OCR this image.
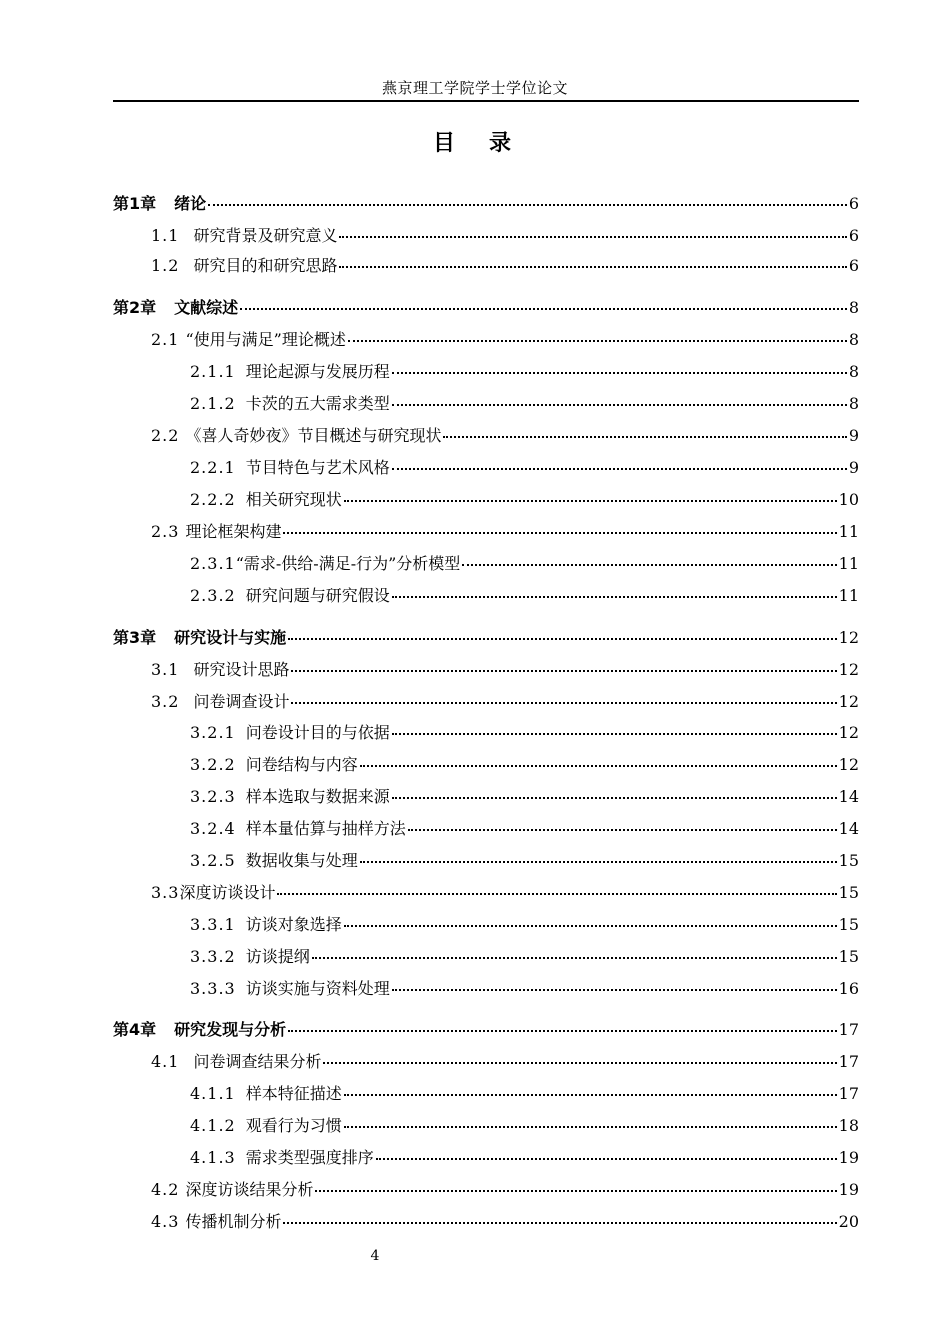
燕京理工学院学士学位论文
目　录
第1章 绪论	6
1.1 研究背景及研究意义	6
1.2 研究目的和研究思路	6
第2章 文献综述	8
2.1 “使用与满足”理论概述	8
2.1.1 理论起源与发展历程	8
2.1.2 卡茨的五大需求类型	8
2.2 《喜人奇妙夜》节目概述与研究现状	9
2.2.1 节目特色与艺术风格	9
2.2.2 相关研究现状	10
2.3 理论框架构建	11
2.3.1 “需求-供给-满足-行为”分析模型	11
2.3.2 研究问题与研究假设	11
第3章 研究设计与实施	12
3.1 研究设计思路	12
3.2 问卷调查设计	12
3.2.1 问卷设计目的与依据	12
3.2.2 问卷结构与内容	12
3.2.3 样本选取与数据来源	14
3.2.4 样本量估算与抽样方法	14
3.2.5 数据收集与处理	15
3.3 深度访谈设计	15
3.3.1 访谈对象选择	15
3.3.2 访谈提纲	15
3.3.3 访谈实施与资料处理	16
第4章 研究发现与分析	17
4.1 问卷调查结果分析	17
4.1.1 样本特征描述	17
4.1.2 观看行为习惯	18
4.1.3 需求类型强度排序	19
4.2 深度访谈结果分析	19
4.3 传播机制分析	20
4
